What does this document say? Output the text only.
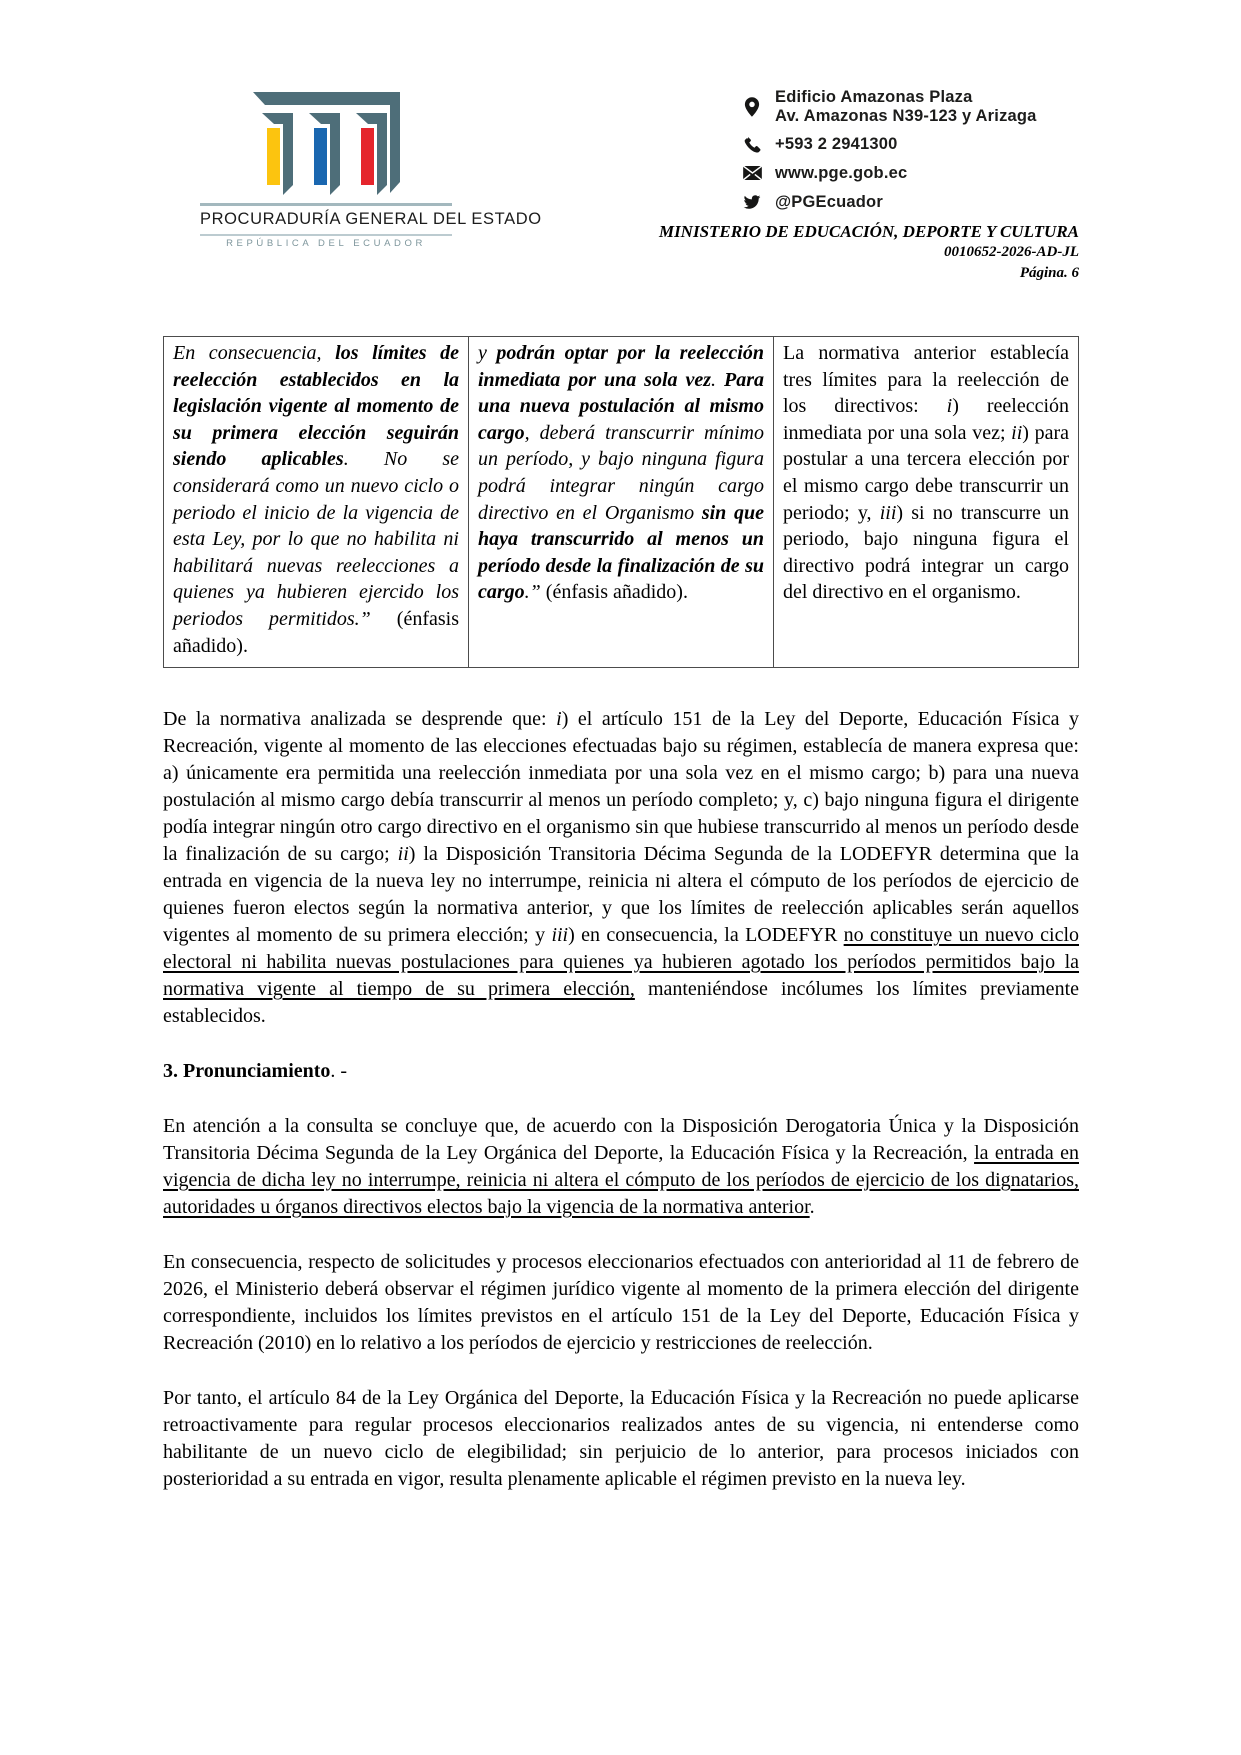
PROCURADURÍA GENERAL DEL ESTADO
REPÚBLICA DEL ECUADOR
Edificio Amazonas Plaza
Av. Amazonas N39-123 y Arizaga
+593 2 2941300
www.pge.gob.ec
@PGEcuador
MINISTERIO DE EDUCACIÓN, DEPORTE Y CULTURA
0010652-2026-AD-JL
Página. 6
En consecuencia, los límites de reelección establecidos en la legislación vigente al momento de su primera elección seguirán siendo aplicables. No se considerará como un nuevo ciclo o periodo el inicio de la vigencia de esta Ley, por lo que no habilita ni habilitará nuevas reelecciones a quienes ya hubieren ejercido los periodos permitidos.” (énfasis añadido).	y podrán optar por la reelección inmediata por una sola vez. Para una nueva postulación al mismo cargo, deberá transcurrir mínimo un período, y bajo ninguna figura podrá integrar ningún cargo directivo en el Organismo sin que haya transcurrido al menos un período desde la finalización de su cargo.” (énfasis añadido).	La normativa anterior establecía tres límites para la reelección de los directivos: i) reelección inmediata por una sola vez; ii) para postular a una tercera elección por el mismo cargo debe transcurrir un periodo; y, iii) si no transcurre un periodo, bajo ninguna figura el directivo podrá integrar un cargo del directivo en el organismo.

De la normativa analizada se desprende que: i) el artículo 151 de la Ley del Deporte, Educación Física y Recreación, vigente al momento de las elecciones efectuadas bajo su régimen, establecía de manera expresa que: a) únicamente era permitida una reelección inmediata por una sola vez en el mismo cargo; b) para una nueva postulación al mismo cargo debía transcurrir al menos un período completo; y, c) bajo ninguna figura el dirigente podía integrar ningún otro cargo directivo en el organismo sin que hubiese transcurrido al menos un período desde la finalización de su cargo; ii) la Disposición Transitoria Décima Segunda de la LODEFYR determina que la entrada en vigencia de la nueva ley no interrumpe, reinicia ni altera el cómputo de los períodos de ejercicio de quienes fueron electos según la normativa anterior, y que los límites de reelección aplicables serán aquellos vigentes al momento de su primera elección; y iii) en consecuencia, la LODEFYR no constituye un nuevo ciclo electoral ni habilita nuevas postulaciones para quienes ya hubieren agotado los períodos permitidos bajo la normativa vigente al tiempo de su primera elección, manteniéndose incólumes los límites previamente establecidos.

3. Pronunciamiento. -

En atención a la consulta se concluye que, de acuerdo con la Disposición Derogatoria Única y la Disposición Transitoria Décima Segunda de la Ley Orgánica del Deporte, la Educación Física y la Recreación, la entrada en vigencia de dicha ley no interrumpe, reinicia ni altera el cómputo de los períodos de ejercicio de los dignatarios, autoridades u órganos directivos electos bajo la vigencia de la normativa anterior.

En consecuencia, respecto de solicitudes y procesos eleccionarios efectuados con anterioridad al 11 de febrero de 2026, el Ministerio deberá observar el régimen jurídico vigente al momento de la primera elección del dirigente correspondiente, incluidos los límites previstos en el artículo 151 de la Ley del Deporte, Educación Física y Recreación (2010) en lo relativo a los períodos de ejercicio y restricciones de reelección.

Por tanto, el artículo 84 de la Ley Orgánica del Deporte, la Educación Física y la Recreación no puede aplicarse retroactivamente para regular procesos eleccionarios realizados antes de su vigencia, ni entenderse como habilitante de un nuevo ciclo de elegibilidad; sin perjuicio de lo anterior, para procesos iniciados con posterioridad a su entrada en vigor, resulta plenamente aplicable el régimen previsto en la nueva ley.
